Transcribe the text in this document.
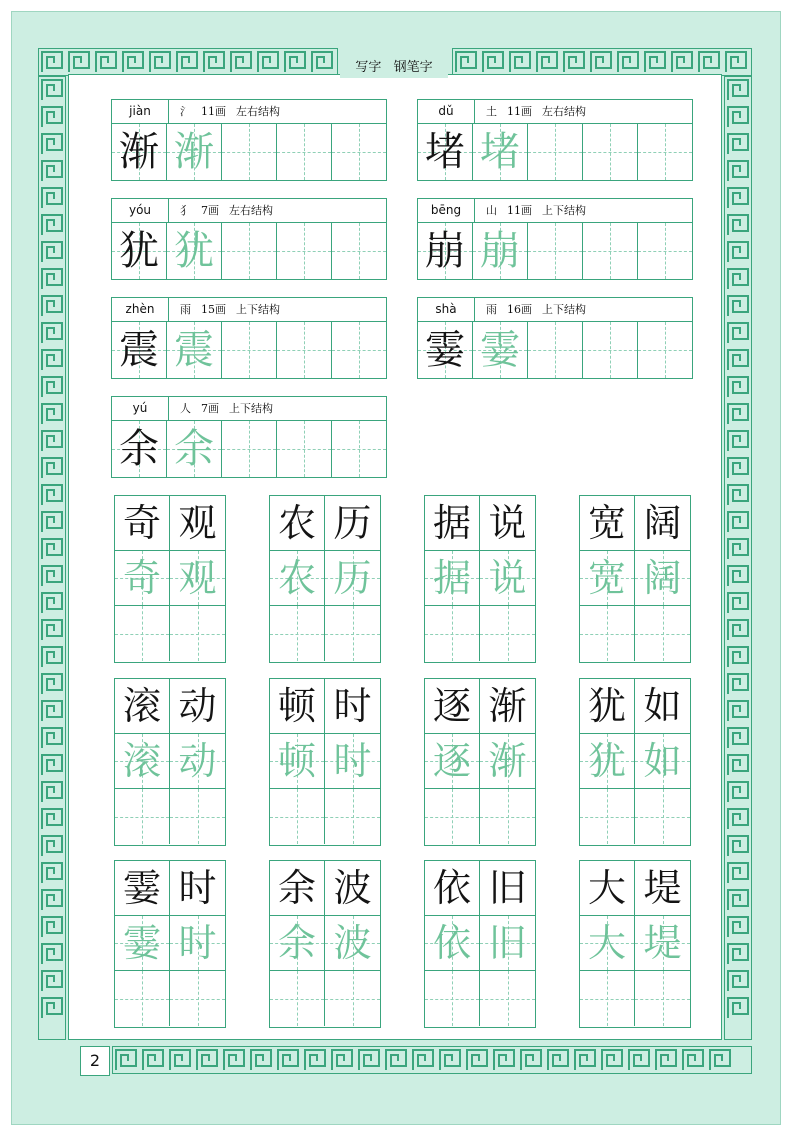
写字 钢笔字
2
jiàn	氵 11画 左右结构
渐 渐
dǔ	土 11画 左右结构
堵 堵
yóu	犭 7画 左右结构
犹 犹
bēng	山 11画 上下结构
崩 崩
zhèn	雨 15画 上下结构
震 震
shà	雨 16画 上下结构
霎 霎
yú	人 7画 上下结构
余 余
奇 观
奇 观
农 历
农 历
据 说
据 说
宽 阔
宽 阔
滚 动
滚 动
顿 时
顿 时
逐 渐
逐 渐
犹 如
犹 如
霎 时
霎 时
余 波
余 波
依 旧
依 旧
大 堤
大 堤
